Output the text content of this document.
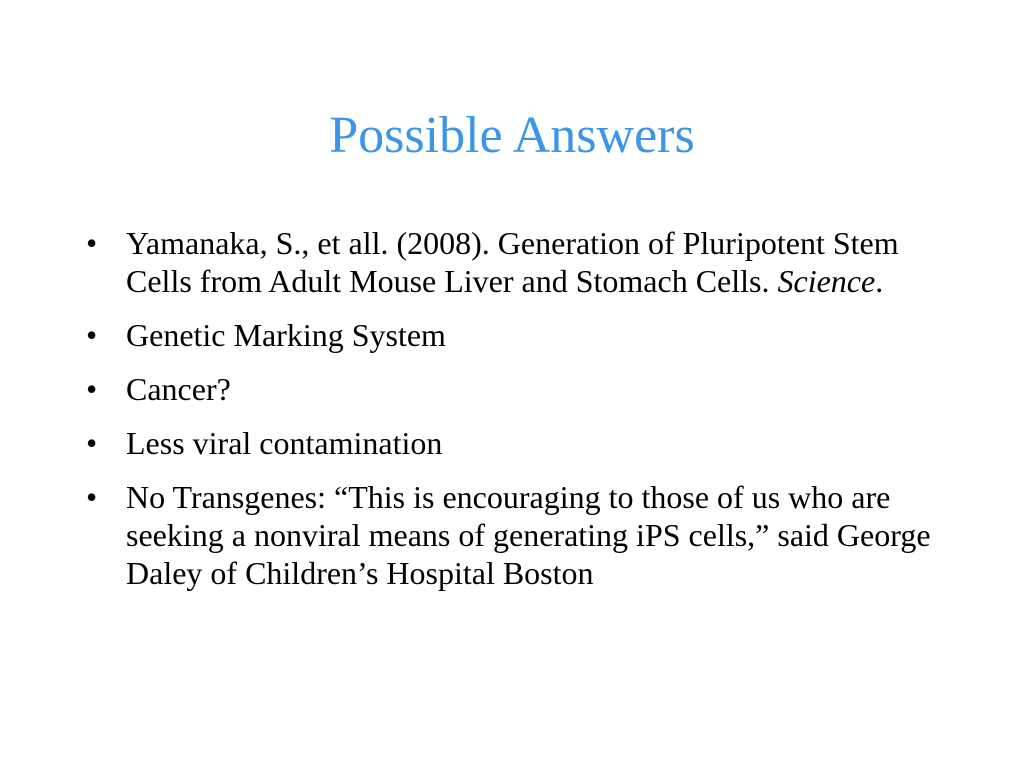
Possible Answers
• Yamanaka, S., et all. (2008). Generation of Pluripotent Stem Cells from Adult Mouse Liver and Stomach Cells. Science.
• Genetic Marking System
• Cancer?
• Less viral contamination
• No Transgenes: “This is encouraging to those of us who are seeking a nonviral means of generating iPS cells,” said George Daley of Children’s Hospital Boston
